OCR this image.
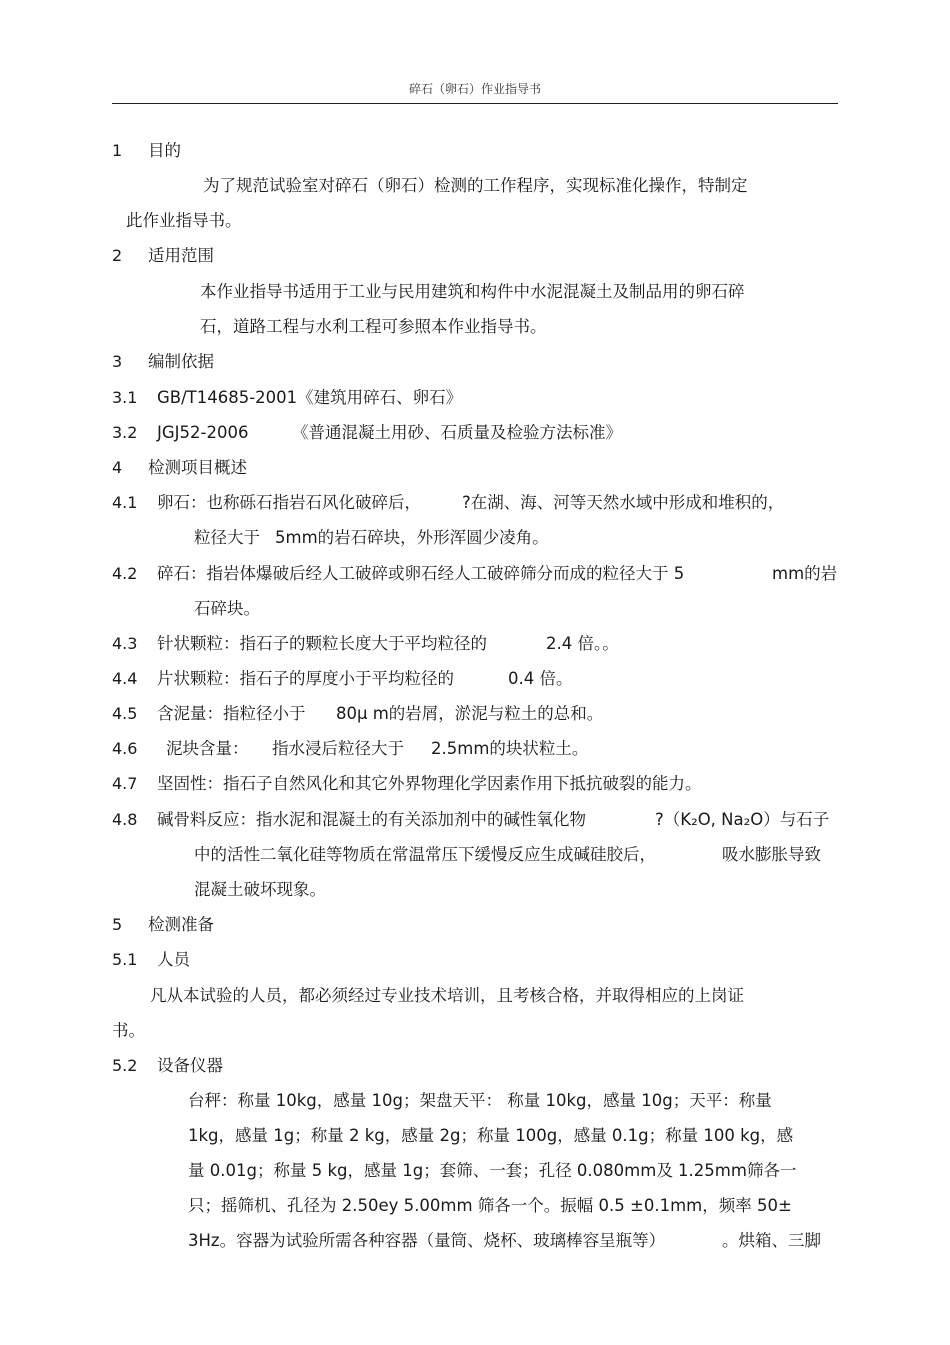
碎石（卵石）作业指导书
1 目的
为了规范试验室对碎石（卵石）检测的工作程序，实现标准化操作，特制定
此作业指导书。
2 适用范围
本作业指导书适用于工业与民用建筑和构件中水泥混凝土及制品用的卵石碎
石，道路工程与水利工程可参照本作业指导书。
3 编制依据
3.1 GB/T14685-2001《建筑用碎石、卵石》
3.2 JGJ52-2006	《普通混凝土用砂、石质量及检验方法标准》
4 检测项目概述
4.1 卵石：也称砾石指岩石风化破碎后， ?在湖、海、河等天然水域中形成和堆积的，
粒径大于 5mm的岩石碎块，外形浑圆少凌角。
4.2 碎石：指岩体爆破后经人工破碎或卵石经人工破碎筛分而成的粒径大于 5	mm的岩
石碎块。
4.3 针状颗粒：指石子的颗粒长度大于平均粒径的	2.4 倍。。
4.4 片状颗粒：指石子的厚度小于平均粒径的	0.4 倍。
4.5 含泥量：指粒径小于 80μ m的岩屑，淤泥与粒土的总和。
4.6 泥块含量： 指水浸后粒径大于 2.5mm的块状粒土。
4.7 坚固性：指石子自然风化和其它外界物理化学因素作用下抵抗破裂的能力。
4.8 碱骨料反应：指水泥和混凝土的有关添加剂中的碱性氧化物	?（K₂O, Na₂O）与石子
中的活性二氧化硅等物质在常温常压下缓慢反应生成碱硅胶后，	吸水膨胀导致
混凝土破坏现象。
5 检测准备
5.1 人员
凡从本试验的人员，都必须经过专业技术培训，且考核合格，并取得相应的上岗证
书。
5.2 设备仪器
台秤：称量 10kg，感量 10g；架盘天平： 称量 10kg，感量 10g；天平：称量
1kg，感量 1g；称量 2 kg，感量 2g；称量 100g，感量 0.1g；称量 100 kg，感
量 0.01g；称量 5 kg，感量 1g；套筛、一套；孔径 0.080mm及 1.25mm筛各一
只；摇筛机、孔径为 2.50ey 5.00mm 筛各一个。振幅 0.5 ±0.1mm，频率 50±
3Hz。容器为试验所需各种容器（量筒、烧杯、玻璃棒容呈瓶等）	。烘箱、三脚
